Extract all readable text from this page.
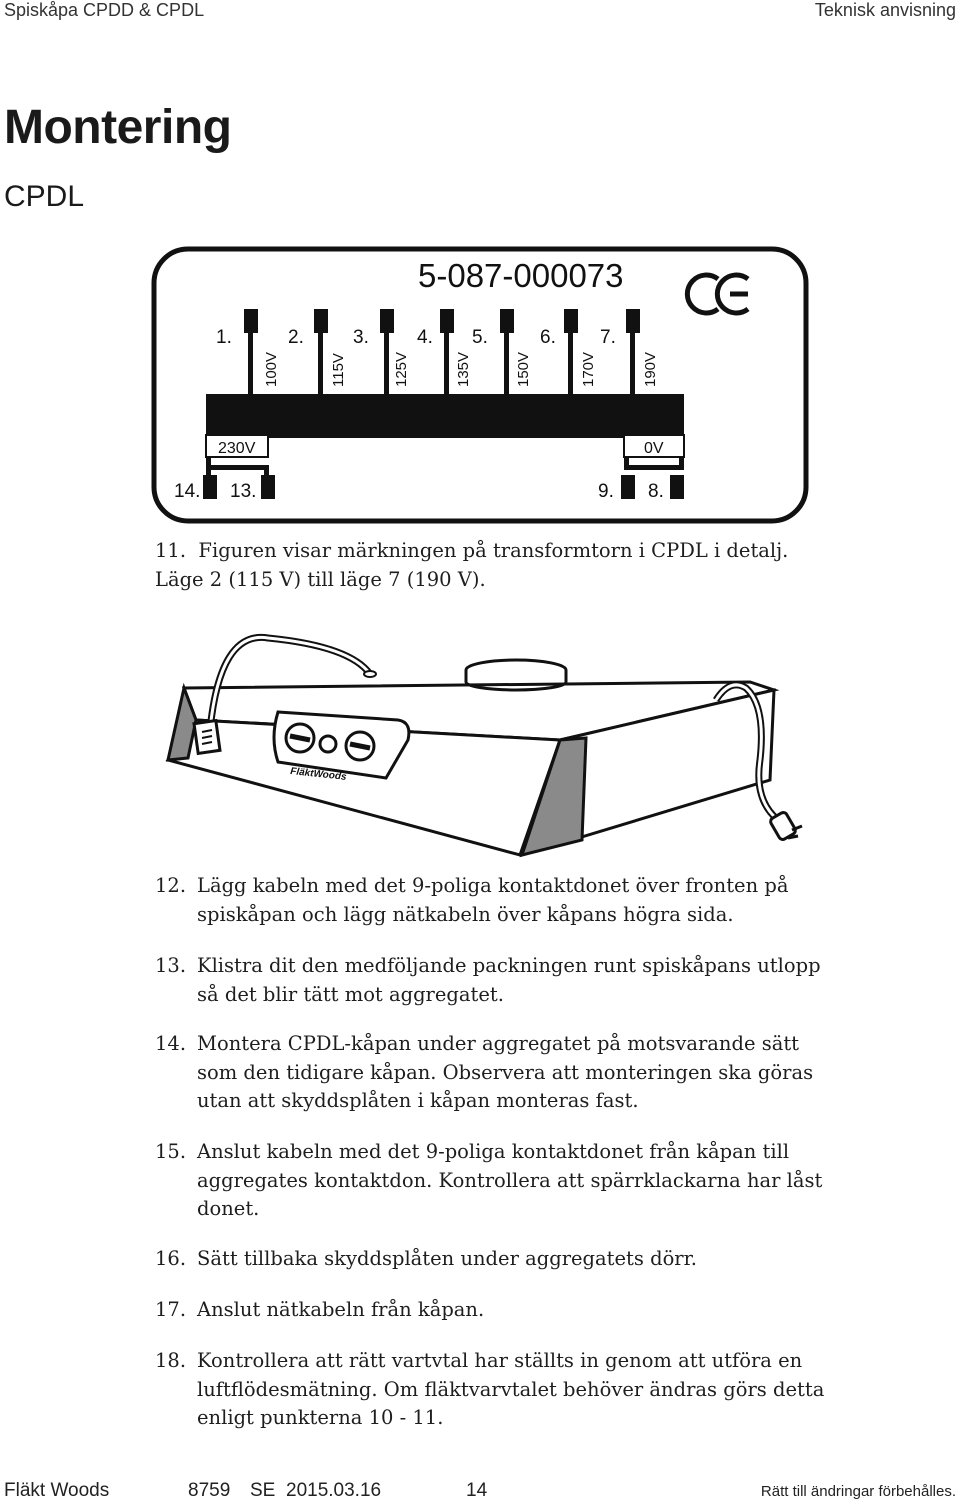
Spiskåpa CPDD & CPDL	Teknisk anvisning
Montering
CPDL
5-087-000073
1.
100V
2.
115V
3.
125V
4.
135V
5.
150V
6.
170V
7.
190V
230V
14. 13.
0V
9. 8.

11. Figuren visar märkningen på transformtorn i CPDL i detalj. Läge 2 (115 V) till läge 7 (190 V).

FläktWoods
12. Lägg kabeln med det 9-poliga kontaktdonet över fronten på spiskåpan och lägg nätkabeln över kåpans högra sida.
13. Klistra dit den medföljande packningen runt spiskåpans utlopp så det blir tätt mot aggregatet.
14. Montera CPDL-kåpan under aggregatet på motsvarande sätt som den tidigare kåpan. Observera att monteringen ska göras utan att skyddsplåten i kåpan monteras fast.
15. Anslut kabeln med det 9-poliga kontaktdonet från kåpan till aggregates kontaktdon. Kontrollera att spärrklackarna har låst donet.
16. Sätt tillbaka skyddsplåten under aggregatets dörr.
17. Anslut nätkabeln från kåpan.
18. Kontrollera att rätt vartvtal har ställts in genom att utföra en luftflödesmätning. Om fläktvarvtalet behöver ändras görs detta enligt punkterna 10 - 11.
Fläkt Woods	8759 SE 2015.03.16	14	Rätt till ändringar förbehålles.
